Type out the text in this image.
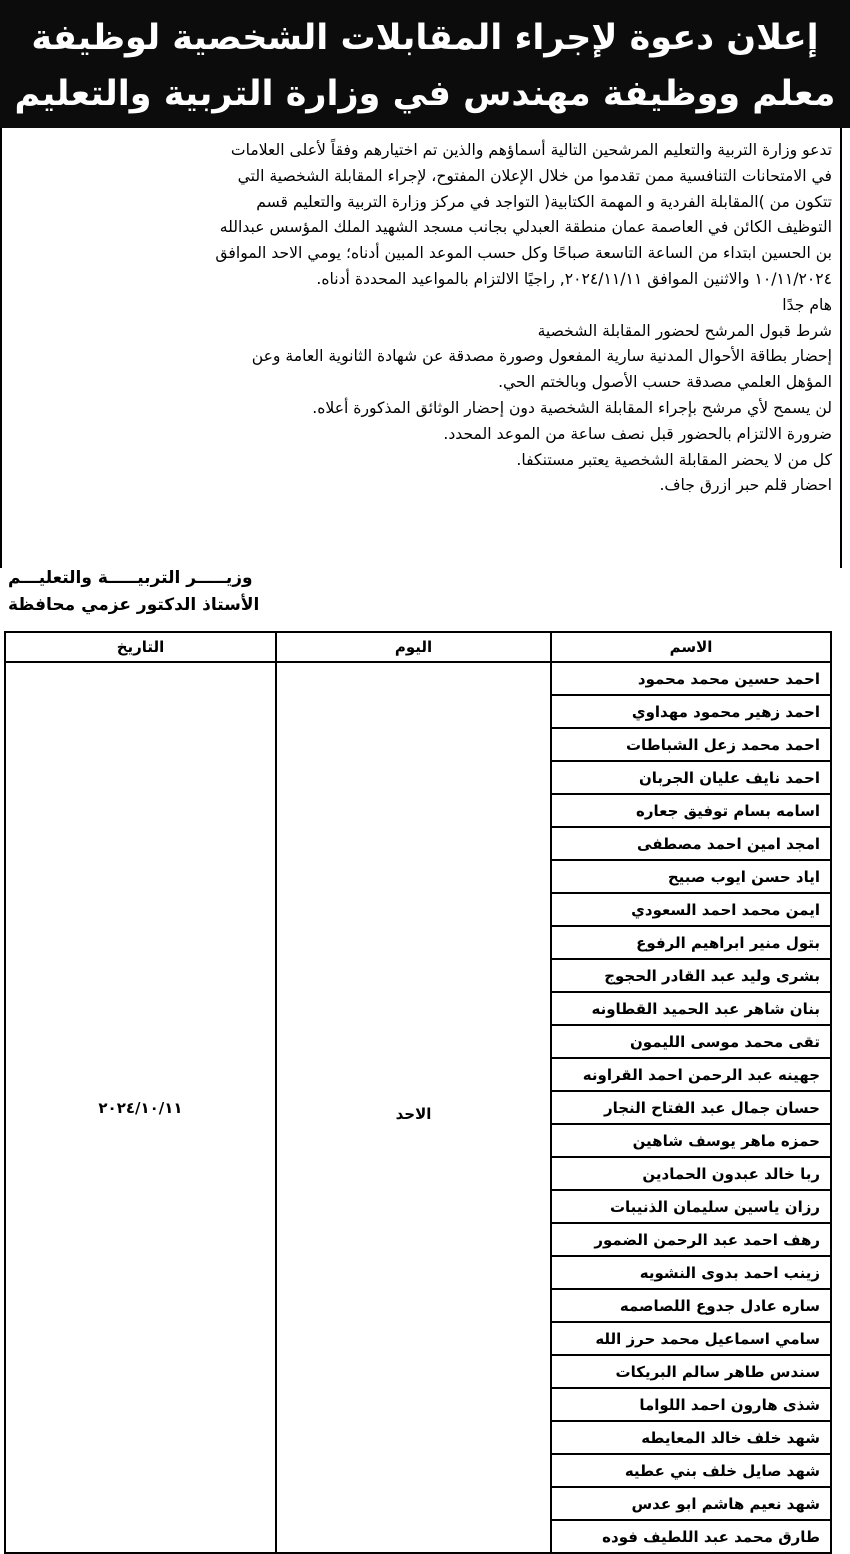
إعلان دعوة لإجراء المقابلات الشخصية لوظيفة
معلم ووظيفة مهندس في وزارة التربية والتعليم

تدعو وزارة التربية والتعليم المرشحين التالية أسماؤهم والذين تم اختيارهم وفقاً لأعلى العلامات

في الامتحانات التنافسية ممن تقدموا من خلال الإعلان المفتوح، لإجراء المقابلة الشخصية التي

تتكون من )المقابلة الفردية و المهمة الكتابية( التواجد في مركز وزارة التربية والتعليم قسم

التوظيف الكائن في العاصمة عمان منطقة العبدلي بجانب مسجد الشهيد الملك المؤسس عبدالله

بن الحسين ابتداء من الساعة التاسعة صباحًا وكل حسب الموعد المبين أدناه؛ يومي الاحد الموافق

١٠/١١/٢٠٢٤ والاثنين الموافق ٢٠٢٤/١١/١١, راجيًا الالتزام بالمواعيد المحددة أدناه.

هام جدًا

شرط قبول المرشح لحضور المقابلة الشخصية

إحضار بطاقة الأحوال المدنية سارية المفعول وصورة مصدقة عن شهادة الثانوية العامة وعن

المؤهل العلمي مصدقة حسب الأصول وبالختم الحي.

لن يسمح لأي مرشح بإجراء المقابلة الشخصية دون إحضار الوثائق المذكورة أعلاه.

ضرورة الالتزام بالحضور قبل نصف ساعة من الموعد المحدد.

كل من لا يحضر المقابلة الشخصية يعتبر مستنكفا.

احضار قلم حبر ازرق جاف.

وزيـــــر التربيـــــة والتعليـــم
الأستاذ الدكتور عزمي محافظة
الاسم	اليوم	التاريخ
احمد حسين محمد محمود	الاحد	٢٠٢٤/١٠/١١
احمد زهير محمود مهداوي		
احمد محمد زعل الشباطات		
احمد نايف عليان الجربان		
اسامه بسام توفيق جعاره		
امجد امين احمد مصطفى		
اياد حسن ايوب صبيح		
ايمن محمد احمد السعودي		
بتول منير ابراهيم الرفوع		
بشرى وليد عبد القادر الحجوج		
بنان شاهر عبد الحميد القطاونه		
تقى محمد موسى الليمون		
جهينه عبد الرحمن احمد القراونه		
حسان جمال عبد الفتاح النجار		
حمزه ماهر يوسف شاهين		
ربا خالد عبدون الحمادين		
رزان ياسين سليمان الذنيبات		
رهف احمد عبد الرحمن الضمور		
زينب احمد بدوى النشويه		
ساره عادل جدوع اللصاصمه		
سامي اسماعيل محمد حرز الله		
سندس طاهر سالم البريكات		
شذى هارون احمد اللواما		
شهد خلف خالد المعايطه		
شهد صايل خلف بني عطيه		
شهد نعيم هاشم ابو عدس		
طارق محمد عبد اللطيف فوده		
